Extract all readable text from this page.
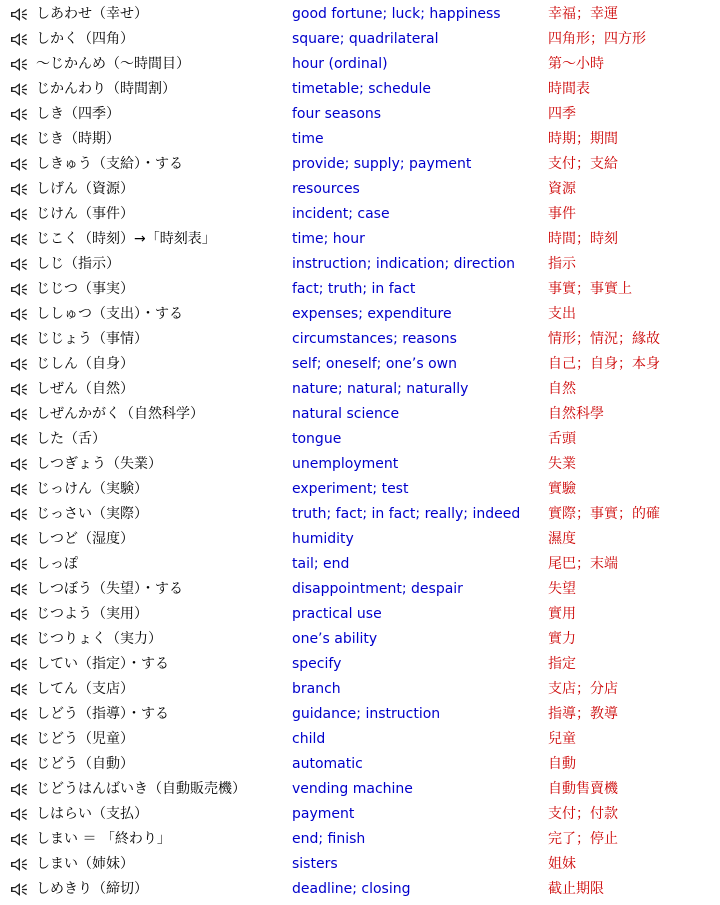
しあわせ（幸せ）	good fortune; luck; happiness	幸福；幸運
しかく（四角）	square; quadrilateral	四角形；四方形
～じかんめ（～時間目）	hour (ordinal)	第～小時
じかんわり（時間割）	timetable; schedule	時間表
しき（四季）	four seasons	四季
じき（時期）	time	時期；期間
しきゅう（支給）・する	provide; supply; payment	支付；支給
しげん（資源）	resources	資源
じけん（事件）	incident; case	事件
じこく（時刻）→「時刻表」	time; hour	時間；時刻
しじ（指示）	instruction; indication; direction 指示
じじつ（事実）	fact; truth; in fact	事實；事實上
ししゅつ（支出）・する	expenses; expenditure	支出
じじょう（事情）	circumstances; reasons	情形；情況；緣故
じしん（自身）	self; oneself; one’s own	自己；自身；本身
しぜん（自然）	nature; natural; naturally	自然
しぜんかがく（自然科学）	natural science	自然科學
した（舌）	tongue	舌頭
しつぎょう（失業）	unemployment	失業
じっけん（実験）	experiment; test	實驗
じっさい（実際）	truth; fact; in fact; really; indeed 實際；事實；的確
しつど（湿度）	humidity	濕度
しっぽ	tail; end	尾巴；末端
しつぼう（失望）・する	disappointment; despair	失望
じつよう（実用）	practical use	實用
じつりょく（実力）	one’s ability	實力
してい（指定）・する	specify	指定
してん（支店）	branch	支店；分店
しどう（指導）・する	guidance; instruction	指導；教導
じどう（児童）	child	兒童
じどう（自動）	automatic	自動
じどうはんばいき（自動販売機）	vending machine	自動售賣機
しはらい（支払）	payment	支付；付款
しまい ＝ 「終わり」	end; finish	完了；停止
しまい（姉妹）	sisters	姐妹
しめきり（締切）	deadline; closing	截止期限
